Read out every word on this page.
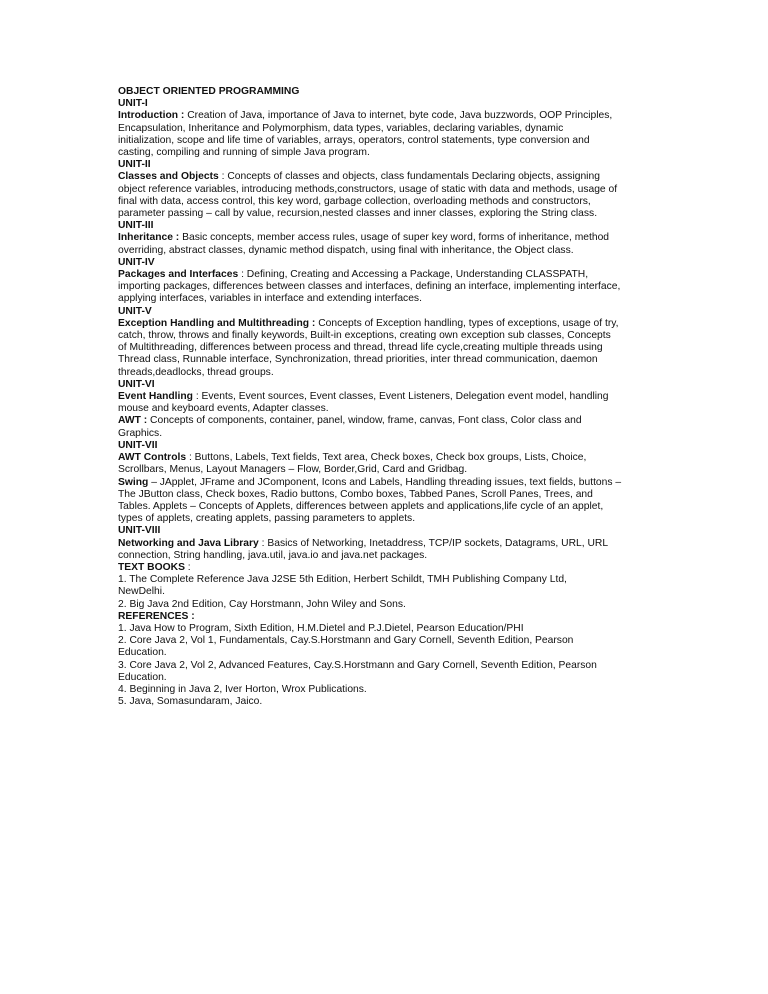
OBJECT ORIENTED PROGRAMMING
UNIT-I
Introduction : Creation of Java, importance of Java to internet, byte code, Java buzzwords, OOP Principles,
Encapsulation, Inheritance and Polymorphism, data types, variables, declaring variables, dynamic
initialization, scope and life time of variables, arrays, operators, control statements, type conversion and
casting, compiling and running of simple Java program.
UNIT-II
Classes and Objects : Concepts of classes and objects, class fundamentals Declaring objects, assigning
object reference variables, introducing methods,constructors, usage of static with data and methods, usage of
final with data, access control, this key word, garbage collection, overloading methods and constructors,
parameter passing – call by value, recursion,nested classes and inner classes, exploring the String class.
UNIT-III
Inheritance : Basic concepts, member access rules, usage of super key word, forms of inheritance, method
overriding, abstract classes, dynamic method dispatch, using final with inheritance, the Object class.
UNIT-IV
Packages and Interfaces : Defining, Creating and Accessing a Package, Understanding CLASSPATH,
importing packages, differences between classes and interfaces, defining an interface, implementing interface,
applying interfaces, variables in interface and extending interfaces.
UNIT-V
Exception Handling and Multithreading : Concepts of Exception handling, types of exceptions, usage of try,
catch, throw, throws and finally keywords, Built-in exceptions, creating own exception sub classes, Concepts
of Multithreading, differences between process and thread, thread life cycle,creating multiple threads using
Thread class, Runnable interface, Synchronization, thread priorities, inter thread communication, daemon
threads,deadlocks, thread groups.
UNIT-VI
Event Handling : Events, Event sources, Event classes, Event Listeners, Delegation event model, handling
mouse and keyboard events, Adapter classes.
AWT : Concepts of components, container, panel, window, frame, canvas, Font class, Color class and
Graphics.
UNIT-VII
AWT Controls : Buttons, Labels, Text fields, Text area, Check boxes, Check box groups, Lists, Choice,
Scrollbars, Menus, Layout Managers – Flow, Border,Grid, Card and Gridbag.
Swing – JApplet, JFrame and JComponent, Icons and Labels, Handling threading issues, text fields, buttons –
The JButton class, Check boxes, Radio buttons, Combo boxes, Tabbed Panes, Scroll Panes, Trees, and
Tables. Applets – Concepts of Applets, differences between applets and applications,life cycle of an applet,
types of applets, creating applets, passing parameters to applets.
UNIT-VIII
Networking and Java Library : Basics of Networking, Inetaddress, TCP/IP sockets, Datagrams, URL, URL
connection, String handling, java.util, java.io and java.net packages.
TEXT BOOKS :
1. The Complete Reference Java J2SE 5th Edition, Herbert Schildt, TMH Publishing Company Ltd,
NewDelhi.
2. Big Java 2nd Edition, Cay Horstmann, John Wiley and Sons.
REFERENCES :
1. Java How to Program, Sixth Edition, H.M.Dietel and P.J.Dietel, Pearson Education/PHI
2. Core Java 2, Vol 1, Fundamentals, Cay.S.Horstmann and Gary Cornell, Seventh Edition, Pearson
Education.
3. Core Java 2, Vol 2, Advanced Features, Cay.S.Horstmann and Gary Cornell, Seventh Edition, Pearson
Education.
4. Beginning in Java 2, Iver Horton, Wrox Publications.
5. Java, Somasundaram, Jaico.
